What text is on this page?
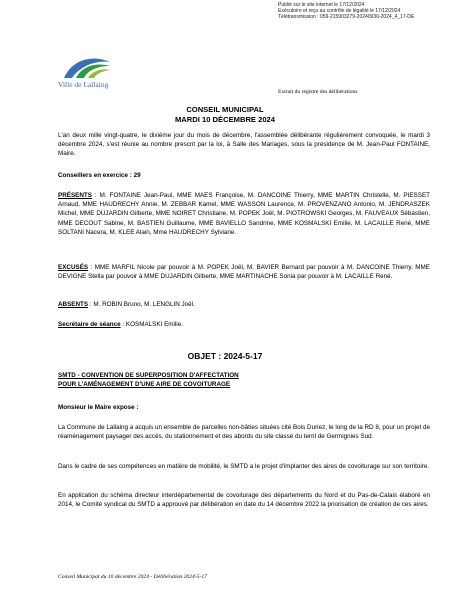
Publié sur le site internet le 17/12/2024
Exécutoire et reçu au contrôle de légalité le 17/12/2024
Télétransmission : 059-215903279-20240930-2024_4_17-DE
Ville de Lallaing
Extrait du registre des délibérations
CONSEIL MUNICIPAL
MARDI 10 DÉCEMBRE 2024
L'an deux mille vingt-quatre, le dixième jour du mois de décembre, l'assemblée délibérante régulièrement convoquée, le mardi 3 décembre 2024, s'est réunie au nombre prescrit par la loi, à Salle des Mariages, sous la présidence de M. Jean-Paul FONTAINE, Maire.
Conseillers en exercice : 29
PRÉSENTS : M. FONTAINE Jean-Paul, MME MAES Françoise, M. DANCOINE Thierry, MME MARTIN Christelle, M. PIESSET Arnaud, MME HAUDRECHY Annie, M. ZEBBAR Kamel, MME WASSON Laurence, M. PROVENZANO Antonio, M. JENDRASZEK Michel, MME DUJARDIN Gilberte, MME NOIRET Christiane, M. POPEK Joël, M. PIOTROWSKI Georges, M. FAUVEAUX Sébastien, MME DECOUT Sabine, M. BASTIEN Guillaume, MME BAVIELLO Sandrine, MME KOSMALSKI Emilie, M. LACAILLE René, MME SOLTANI Nacera, M. KLEE Alain, Mme HAUDRECHY Sylviane.
EXCUSÉS : MME MARFIL Nicole par pouvoir à M. POPEK Joël, M. BAVIER Bernard par pouvoir à M. DANCOINE Thierry, MME DEVIGNE Stella par pouvoir à MME DUJARDIN Gilberte, MME MARTINACHE Sonia par pouvoir à M. LACAILLE René.
ABSENTS : M. ROBIN Bruno, M. LENGLIN Joël.
Secrétaire de séance : KOSMALSKI Emilie.
OBJET : 2024-5-17
SMTD - CONVENTION DE SUPERPOSITION D'AFFECTATION
POUR L'AMÉNAGEMENT D'UNE AIRE DE COVOITURAGE
Monsieur le Maire expose :
La Commune de Lallaing a acquis un ensemble de parcelles non-bâties situées cité Bois Duriez, le long de la RD 8, pour un projet de réaménagement paysager des accès, du stationnement et des abords du site classé du terril de Germignies Sud.
Dans le cadre de ses compétences en matière de mobilité, le SMTD a le projet d'implanter des aires de covoiturage sur son territoire.
En application du schéma directeur interdépartemental de covoiturage des départements du Nord et du Pas-de-Calais élaboré en 2014, le Comité syndical du SMTD a approuvé par délibération en date du 14 décembre 2022 la priorisation de création de ces aires.
Conseil Municipal du 10 décembre 2024 - Délibération 2024-5-17
